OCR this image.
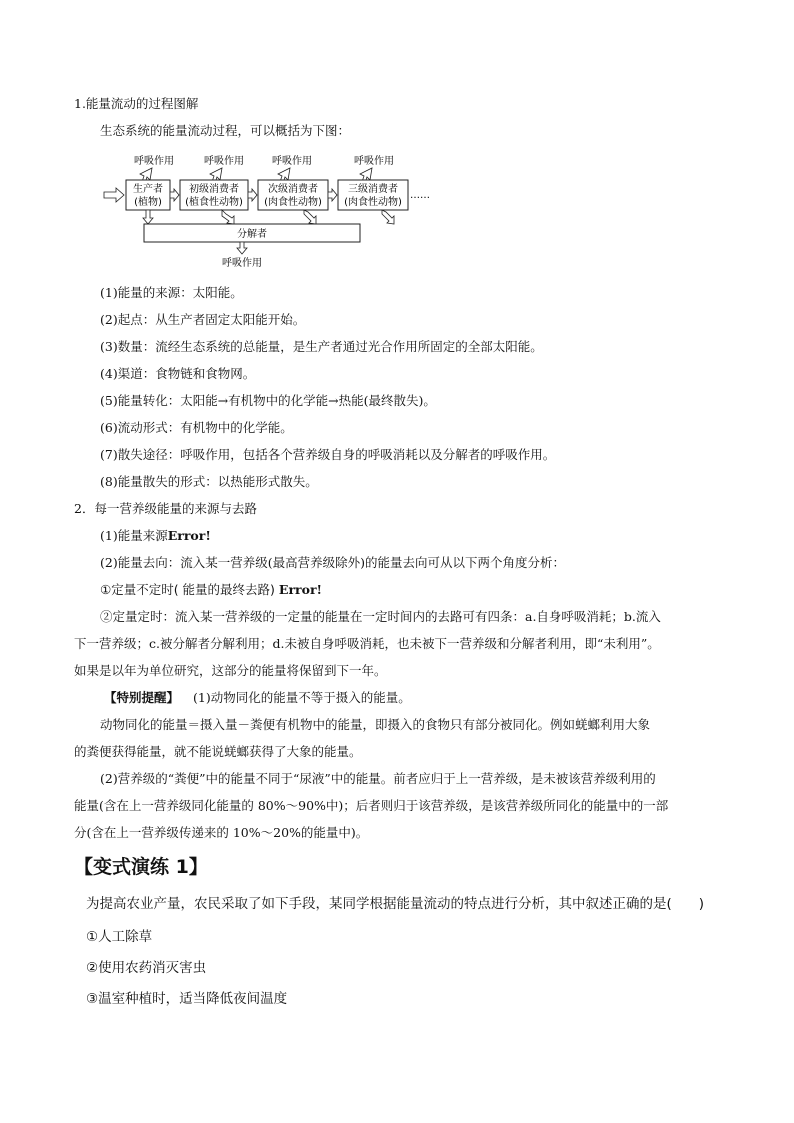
1.能量流动的过程图解
生态系统的能量流动过程，可以概括为下图：
呼吸作用	呼吸作用	呼吸作用	呼吸作用
生产者
(植物)
初级消费者
(植食性动物)
次级消费者
(肉食性动物)
三级消费者
(肉食性动物)
……
分解者
呼吸作用
(1)能量的来源：太阳能。
(2)起点：从生产者固定太阳能开始。
(3)数量：流经生态系统的总能量，是生产者通过光合作用所固定的全部太阳能。
(4)渠道：食物链和食物网。
(5)能量转化：太阳能→有机物中的化学能→热能(最终散失)。
(6)流动形式：有机物中的化学能。
(7)散失途径：呼吸作用，包括各个营养级自身的呼吸消耗以及分解者的呼吸作用。
(8)能量散失的形式：以热能形式散失。
2．每一营养级能量的来源与去路
(1)能量来源Error!
(2)能量去向：流入某一营养级(最高营养级除外)的能量去向可从以下两个角度分析：
①定量不定时( 能量的最终去路) Error!
②定量定时：流入某一营养级的一定量的能量在一定时间内的去路可有四条：a.自身呼吸消耗；b.流入
下一营养级；c.被分解者分解利用；d.未被自身呼吸消耗，也未被下一营养级和分解者利用，即“未利用”。
如果是以年为单位研究，这部分的能量将保留到下一年。
【特别提醒】 (1)动物同化的能量不等于摄入的能量。
动物同化的能量＝摄入量－粪便有机物中的能量，即摄入的食物只有部分被同化。例如蜣螂利用大象
的粪便获得能量，就不能说蜣螂获得了大象的能量。
(2)营养级的“粪便”中的能量不同于“尿液”中的能量。前者应归于上一营养级，是未被该营养级利用的
能量(含在上一营养级同化能量的 80%～90%中)；后者则归于该营养级，是该营养级所同化的能量中的一部
分(含在上一营养级传递来的 10%～20%的能量中)。
【变式演练 1】
为提高农业产量，农民采取了如下手段，某同学根据能量流动的特点进行分析，其中叙述正确的是(　　)
①人工除草
②使用农药消灭害虫
③温室种植时，适当降低夜间温度
